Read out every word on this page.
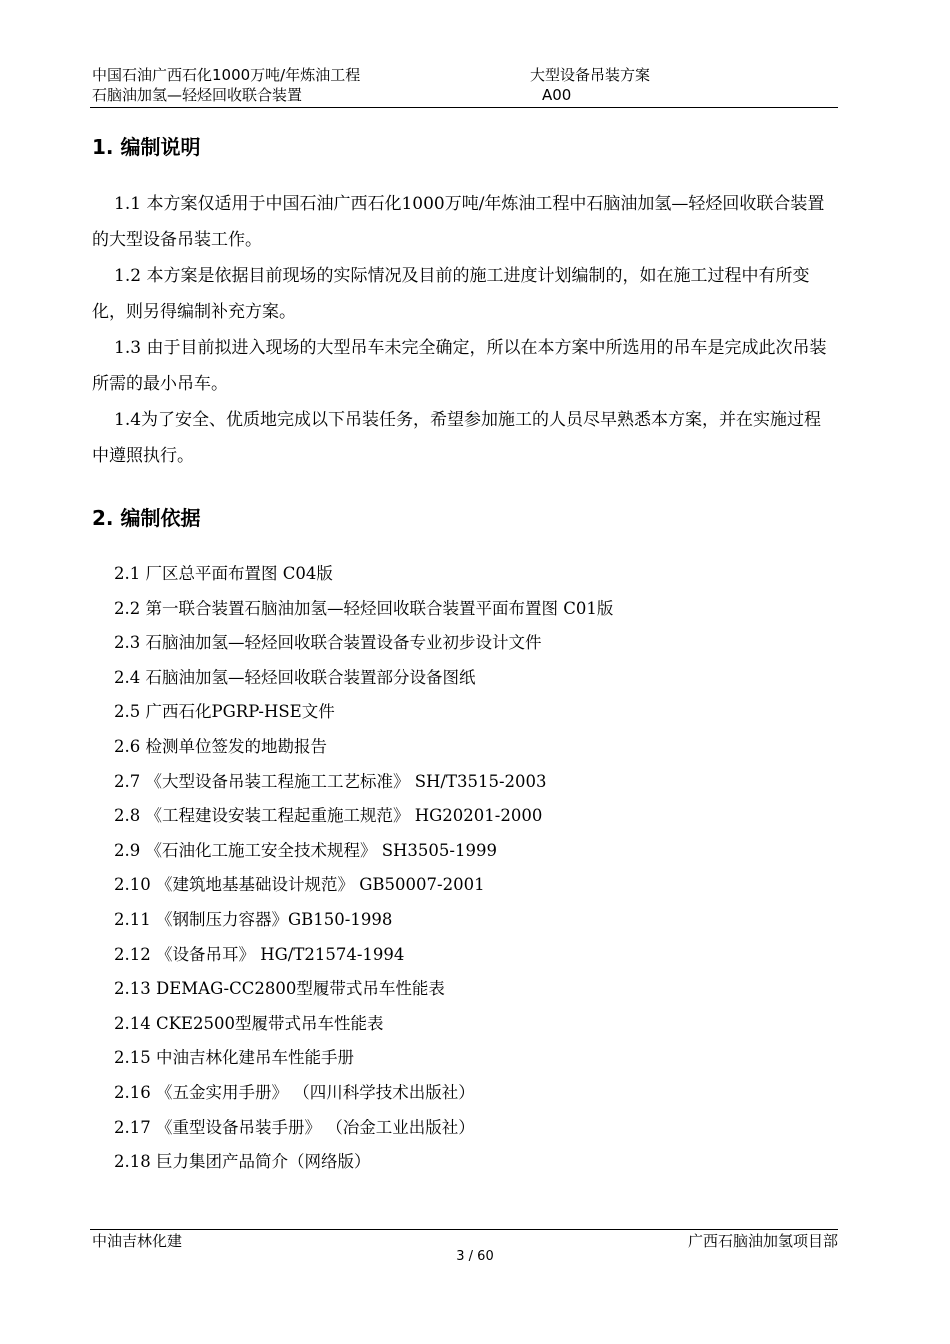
中国石油广西石化1000万吨/年炼油工程	大型设备吊装方案
石脑油加氢—轻烃回收联合装置	A00
1. 编制说明
1.1 本方案仅适用于中国石油广西石化1000万吨/年炼油工程中石脑油加氢—轻烃回收联合装置的大型设备吊装工作。
1.2 本方案是依据目前现场的实际情况及目前的施工进度计划编制的，如在施工过程中有所变化，则另得编制补充方案。
1.3 由于目前拟进入现场的大型吊车未完全确定，所以在本方案中所选用的吊车是完成此次吊装所需的最小吊车。
1.4为了安全、优质地完成以下吊装任务，希望参加施工的人员尽早熟悉本方案，并在实施过程中遵照执行。
2. 编制依据
2.1 厂区总平面布置图 C04版
2.2 第一联合装置石脑油加氢—轻烃回收联合装置平面布置图 C01版
2.3 石脑油加氢—轻烃回收联合装置设备专业初步设计文件
2.4 石脑油加氢—轻烃回收联合装置部分设备图纸
2.5 广西石化PGRP-HSE文件
2.6 检测单位签发的地勘报告
2.7 《大型设备吊装工程施工工艺标准》 SH/T3515-2003
2.8 《工程建设安装工程起重施工规范》 HG20201-2000
2.9 《石油化工施工安全技术规程》 SH3505-1999
2.10 《建筑地基基础设计规范》 GB50007-2001
2.11 《钢制压力容器》GB150-1998
2.12 《设备吊耳》 HG/T21574-1994
2.13 DEMAG-CC2800型履带式吊车性能表
2.14 CKE2500型履带式吊车性能表
2.15 中油吉林化建吊车性能手册
2.16 《五金实用手册》 （四川科学技术出版社）
2.17 《重型设备吊装手册》 （冶金工业出版社）
2.18 巨力集团产品简介（网络版）
中油吉林化建	广西石脑油加氢项目部
3 / 60
